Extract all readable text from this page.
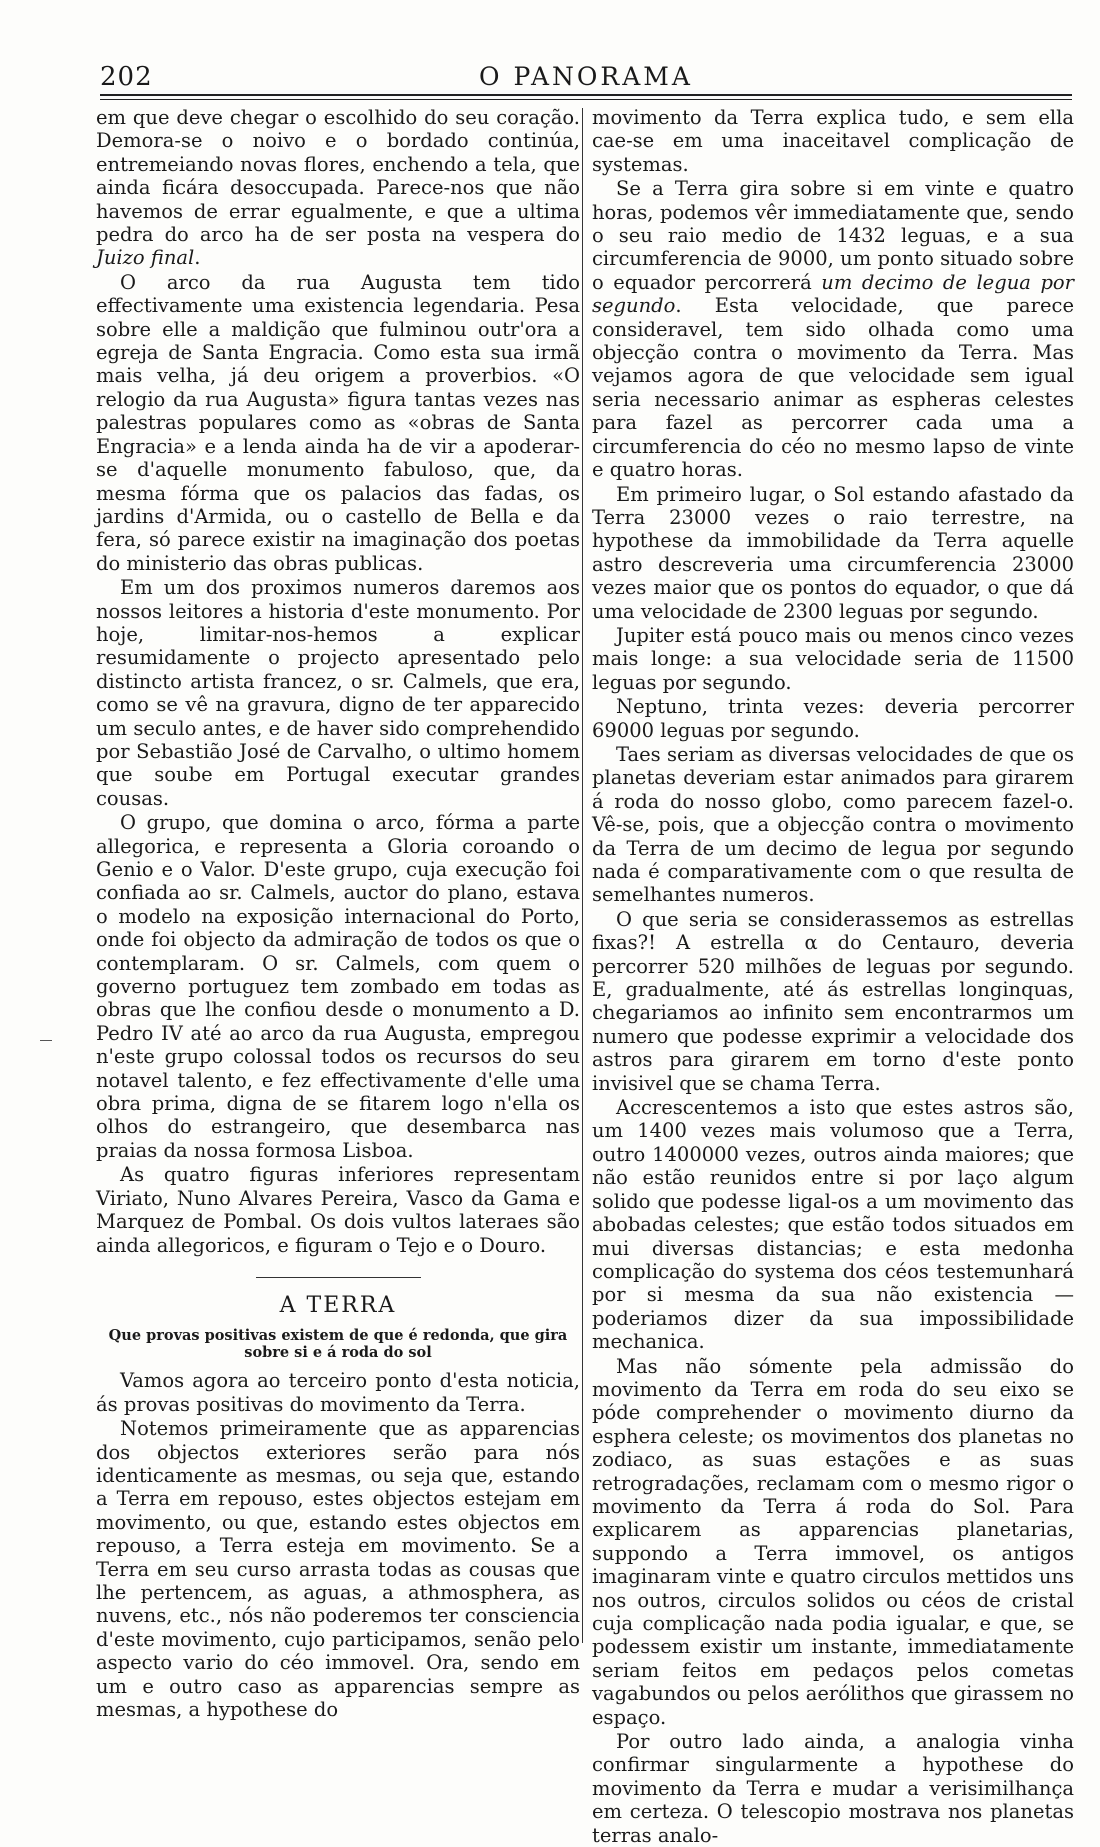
202	O PANORAMA

em que deve chegar o escolhido do seu coração. Demora-se o noivo e o bordado continúa, entremeiando novas flores, enchendo a tela, que ainda ficára desoccupada. Parece-nos que não havemos de errar egualmente, e que a ultima pedra do arco ha de ser posta na vespera do Juizo final.

O arco da rua Augusta tem tido effectivamente uma existencia legendaria. Pesa sobre elle a maldição que fulminou outr'ora a egreja de Santa Engracia. Como esta sua irmã mais velha, já deu origem a proverbios. «O relogio da rua Augusta» figura tantas vezes nas palestras populares como as «obras de Santa Engracia» e a lenda ainda ha de vir a apoderar-se d'aquelle monumento fabuloso, que, da mesma fórma que os palacios das fadas, os jardins d'Armida, ou o castello de Bella e da fera, só parece existir na imaginação dos poetas do ministerio das obras publicas.

Em um dos proximos numeros daremos aos nossos leitores a historia d'este monumento. Por hoje, limitar-nos-hemos a explicar resumidamente o projecto apresentado pelo distincto artista francez, o sr. Calmels, que era, como se vê na gravura, digno de ter apparecido um seculo antes, e de haver sido comprehendido por Sebastião José de Carvalho, o ultimo homem que soube em Portugal executar grandes cousas.

O grupo, que domina o arco, fórma a parte allegorica, e representa a Gloria coroando o Genio e o Valor. D'este grupo, cuja execução foi confiada ao sr. Calmels, auctor do plano, estava o modelo na exposição internacional do Porto, onde foi objecto da admiração de todos os que o contemplaram. O sr. Calmels, com quem o governo portuguez tem zombado em todas as obras que lhe confiou desde o monumento a D. Pedro IV até ao arco da rua Augusta, empregou n'este grupo colossal todos os recursos do seu notavel talento, e fez effectivamente d'elle uma obra prima, digna de se fitarem logo n'ella os olhos do estrangeiro, que desembarca nas praias da nossa formosa Lisboa.

As quatro figuras inferiores representam Viriato, Nuno Alvares Pereira, Vasco da Gama e Marquez de Pombal. Os dois vultos lateraes são ainda allegoricos, e figuram o Tejo e o Douro.

A TERRA
Que provas positivas existem de que é redonda, que gira sobre si e á roda do sol

Vamos agora ao terceiro ponto d'esta noticia, ás provas positivas do movimento da Terra.

Notemos primeiramente que as apparencias dos objectos exteriores serão para nós identicamente as mesmas, ou seja que, estando a Terra em repouso, estes objectos estejam em movimento, ou que, estando estes objectos em repouso, a Terra esteja em movimento. Se a Terra em seu curso arrasta todas as cousas que lhe pertencem, as aguas, a athmosphera, as nuvens, etc., nós não poderemos ter consciencia d'este movimento, cujo participamos, senão pelo aspecto vario do céo immovel. Ora, sendo em um e outro caso as apparencias sempre as mesmas, a hypothese do

movimento da Terra explica tudo, e sem ella cae-se em uma inaceitavel complicação de systemas.

Se a Terra gira sobre si em vinte e quatro horas, podemos vêr immediatamente que, sendo o seu raio medio de 1432 leguas, e a sua circumferencia de 9000, um ponto situado sobre o equador percorrerá um decimo de legua por segundo. Esta velocidade, que parece consideravel, tem sido olhada como uma objecção contra o movimento da Terra. Mas vejamos agora de que velocidade sem igual seria necessario animar as espheras celestes para fazel as percorrer cada uma a circumferencia do céo no mesmo lapso de vinte e quatro horas.

Em primeiro lugar, o Sol estando afastado da Terra 23000 vezes o raio terrestre, na hypothese da immobilidade da Terra aquelle astro descreveria uma circumferencia 23000 vezes maior que os pontos do equador, o que dá uma velocidade de 2300 leguas por segundo.

Jupiter está pouco mais ou menos cinco vezes mais longe: a sua velocidade seria de 11500 leguas por segundo.

Neptuno, trinta vezes: deveria percorrer 69000 leguas por segundo.

Taes seriam as diversas velocidades de que os planetas deveriam estar animados para girarem á roda do nosso globo, como parecem fazel-o. Vê-se, pois, que a objecção contra o movimento da Terra de um decimo de legua por segundo nada é comparativamente com o que resulta de semelhantes numeros.

O que seria se considerassemos as estrellas fixas?! A estrella α do Centauro, deveria percorrer 520 milhões de leguas por segundo. E, gradualmente, até ás estrellas longinquas, chegariamos ao infinito sem encontrarmos um numero que podesse exprimir a velocidade dos astros para girarem em torno d'este ponto invisivel que se chama Terra.

Accrescentemos a isto que estes astros são, um 1400 vezes mais volumoso que a Terra, outro 1400000 vezes, outros ainda maiores; que não estão reunidos entre si por laço algum solido que podesse ligal-os a um movimento das abobadas celestes; que estão todos situados em mui diversas distancias; e esta medonha complicação do systema dos céos testemunhará por si mesma da sua não existencia — poderiamos dizer da sua impossibilidade mechanica.

Mas não sómente pela admissão do movimento da Terra em roda do seu eixo se póde comprehender o movimento diurno da esphera celeste; os movimentos dos planetas no zodiaco, as suas estações e as suas retrogradações, reclamam com o mesmo rigor o movimento da Terra á roda do Sol. Para explicarem as apparencias planetarias, suppondo a Terra immovel, os antigos imaginaram vinte e quatro circulos mettidos uns nos outros, circulos solidos ou céos de cristal cuja complicação nada podia igualar, e que, se podessem existir um instante, immediatamente seriam feitos em pedaços pelos cometas vagabundos ou pelos aerólithos que girassem no espaço.

Por outro lado ainda, a analogia vinha confirmar singularmente a hypothese do movimento da Terra e mudar a verisimilhança em certeza. O telescopio mostrava nos planetas terras analo-
